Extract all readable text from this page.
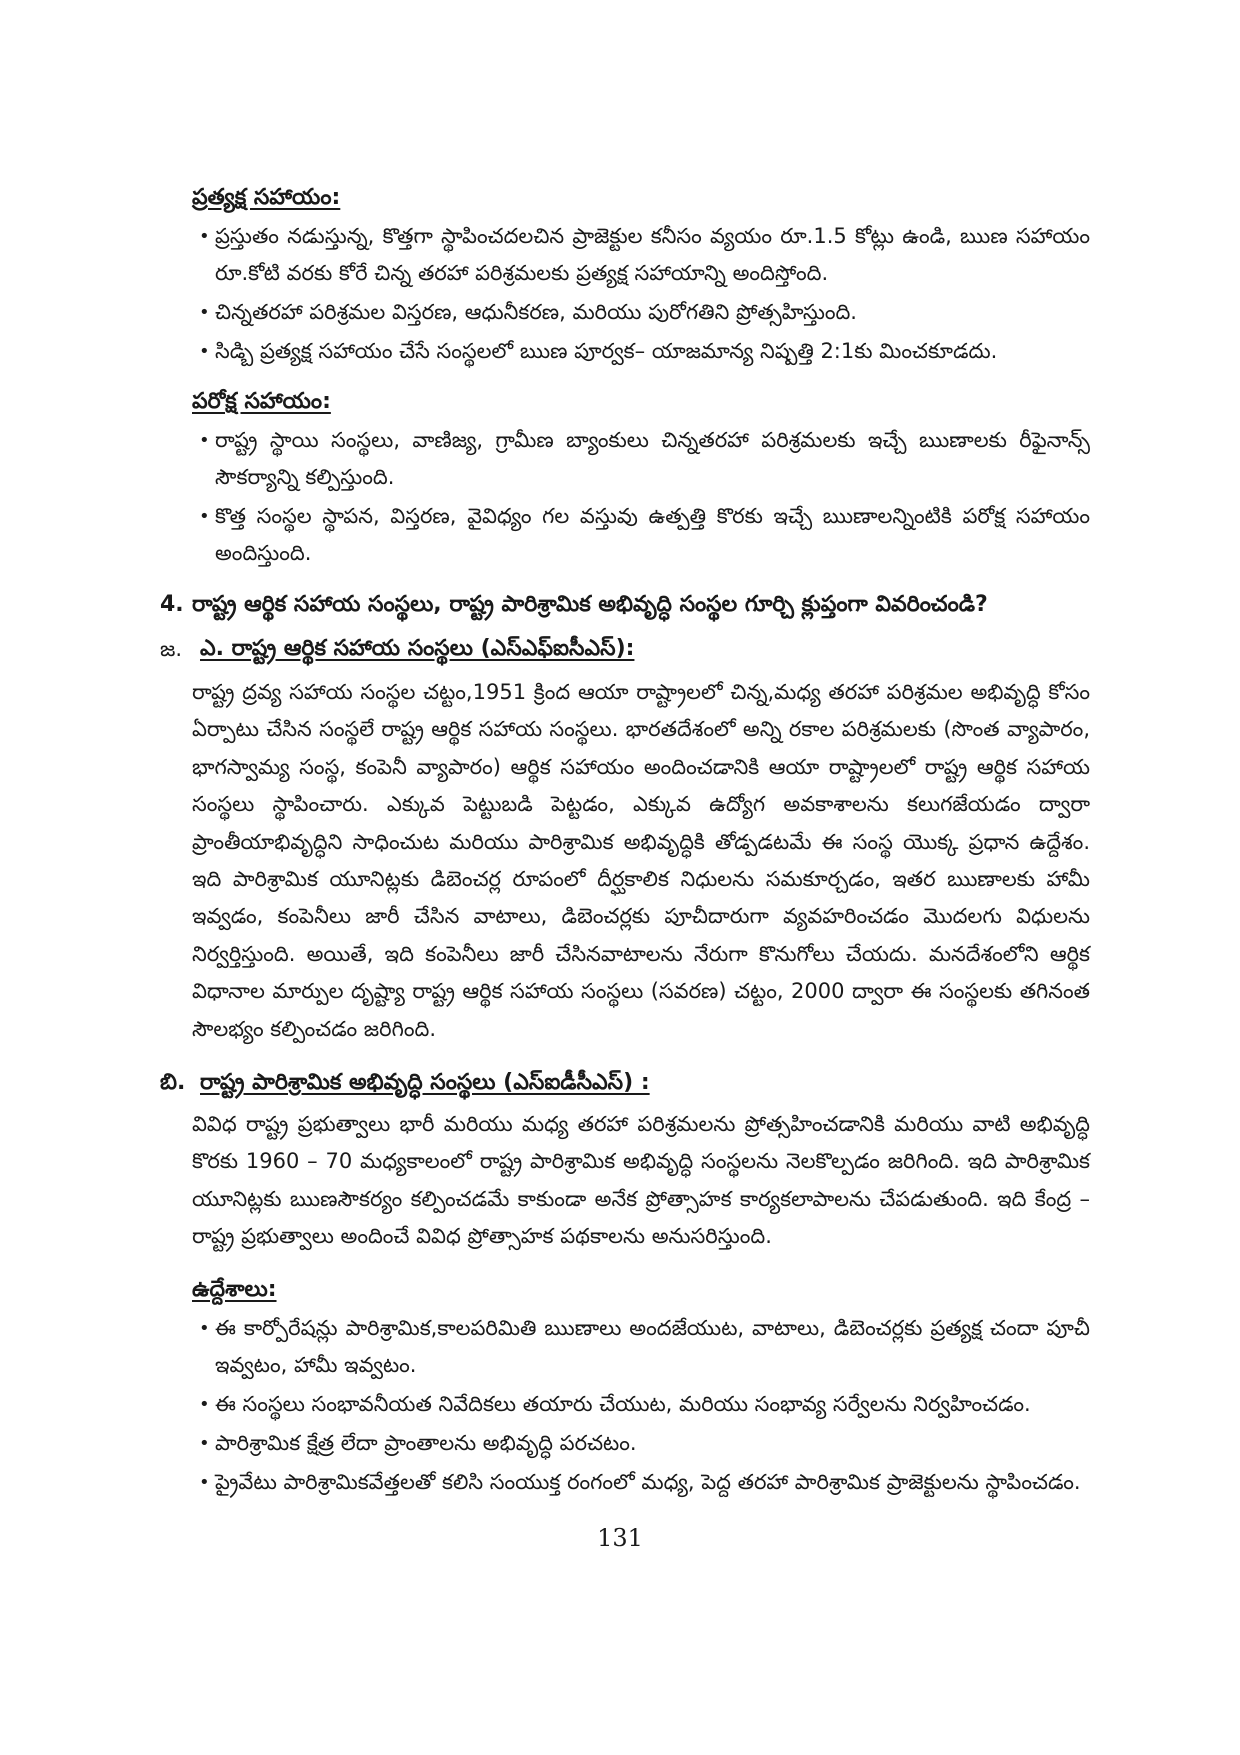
ప్రత్యక్ష సహాయం:
• ప్రస్తుతం నడుస్తున్న, కొత్తగా స్థాపించదలచిన ప్రాజెక్టుల కనీసం వ్యయం రూ.1.5 కోట్లు ఉండి, ఋణ సహాయం రూ.కోటి వరకు కోరే చిన్న తరహా పరిశ్రమలకు ప్రత్యక్ష సహాయాన్ని అందిస్తోంది.
• చిన్నతరహా పరిశ్రమల విస్తరణ, ఆధునీకరణ, మరియు పురోగతిని ప్రోత్సహిస్తుంది.
• సిడ్బి ప్రత్యక్ష సహాయం చేసే సంస్థలలో ఋణ పూర్వక– యాజమాన్య నిష్పత్తి 2:1కు మించకూడదు.
పరోక్ష సహాయం:
• రాష్ట్ర స్థాయి సంస్థలు, వాణిజ్య, గ్రామీణ బ్యాంకులు చిన్నతరహా పరిశ్రమలకు ఇచ్చే ఋణాలకు రీఫైనాన్స్ సౌకర్యాన్ని కల్పిస్తుంది.
• కొత్త సంస్థల స్థాపన, విస్తరణ, వైవిధ్యం గల వస్తువు ఉత్పత్తి కొరకు ఇచ్చే ఋణాలన్నింటికి పరోక్ష సహాయం అందిస్తుంది.
4. రాష్ట్ర ఆర్థిక సహాయ సంస్థలు, రాష్ట్ర పారిశ్రామిక అభివృద్ధి సంస్థల గూర్చి క్లుప్తంగా వివరించండి?
జ. ఎ. రాష్ట్ర ఆర్థిక సహాయ సంస్థలు (ఎస్ఎఫ్ఐసీఎస్):

రాష్ట్ర ద్రవ్య సహాయ సంస్థల చట్టం,1951 క్రింద ఆయా రాష్ట్రాలలో చిన్న,మధ్య తరహా పరిశ్రమల అభివృద్ధి కోసం ఏర్పాటు చేసిన సంస్థలే రాష్ట్ర ఆర్థిక సహాయ సంస్థలు. భారతదేశంలో అన్ని రకాల పరిశ్రమలకు (సొంత వ్యాపారం, భాగస్వామ్య సంస్థ, కంపెనీ వ్యాపారం) ఆర్థిక సహాయం అందించడానికి ఆయా రాష్ట్రాలలో రాష్ట్ర ఆర్థిక సహాయ సంస్థలు స్థాపించారు. ఎక్కువ పెట్టుబడి పెట్టడం, ఎక్కువ ఉద్యోగ అవకాశాలను కలుగజేయడం ద్వారా ప్రాంతీయాభివృద్ధిని సాధించుట మరియు పారిశ్రామిక అభివృద్ధికి తోడ్పడటమే ఈ సంస్థ యొక్క ప్రధాన ఉద్దేశం. ఇది పారిశ్రామిక యూనిట్లకు డిబెంచర్ల రూపంలో దీర్ఘకాలిక నిధులను సమకూర్చడం, ఇతర ఋణాలకు హామీ ఇవ్వడం, కంపెనీలు జారీ చేసిన వాటాలు, డిబెంచర్లకు పూచీదారుగా వ్యవహరించడం మొదలగు విధులను నిర్వర్తిస్తుంది. అయితే, ఇది కంపెనీలు జారీ చేసినవాటాలను నేరుగా కొనుగోలు చేయదు. మనదేశంలోని ఆర్థిక విధానాల మార్పుల దృష్ట్యా రాష్ట్ర ఆర్థిక సహాయ సంస్థలు (సవరణ) చట్టం, 2000 ద్వారా ఈ సంస్థలకు తగినంత సౌలభ్యం కల్పించడం జరిగింది.

బి. రాష్ట్ర పారిశ్రామిక అభివృద్ధి సంస్థలు (ఎస్ఐడీసీఎస్) :

వివిధ రాష్ట్ర ప్రభుత్వాలు భారీ మరియు మధ్య తరహా పరిశ్రమలను ప్రోత్సహించడానికి మరియు వాటి అభివృద్ధి కొరకు 1960 – 70 మధ్యకాలంలో రాష్ట్ర పారిశ్రామిక అభివృద్ధి సంస్థలను నెలకొల్పడం జరిగింది. ఇది పారిశ్రామిక యూనిట్లకు ఋణసౌకర్యం కల్పించడమే కాకుండా అనేక ప్రోత్సాహక కార్యకలాపాలను చేపడుతుంది. ఇది కేంద్ర – రాష్ట్ర ప్రభుత్వాలు అందించే వివిధ ప్రోత్సాహక పథకాలను అనుసరిస్తుంది.

ఉద్దేశాలు:
• ఈ కార్పోరేషన్లు పారిశ్రామిక,కాలపరిమితి ఋణాలు అందజేయుట, వాటాలు, డిబెంచర్లకు ప్రత్యక్ష చందా పూచీ ఇవ్వటం, హామీ ఇవ్వటం.
• ఈ సంస్థలు సంభావనీయత నివేదికలు తయారు చేయుట, మరియు సంభావ్య సర్వేలను నిర్వహించడం.
• పారిశ్రామిక క్షేత్ర లేదా ప్రాంతాలను అభివృద్ధి పరచటం.
• ప్రైవేటు పారిశ్రామికవేత్తలతో కలిసి సంయుక్త రంగంలో మధ్య, పెద్ద తరహా పారిశ్రామిక ప్రాజెక్టులను స్థాపించడం.
131
